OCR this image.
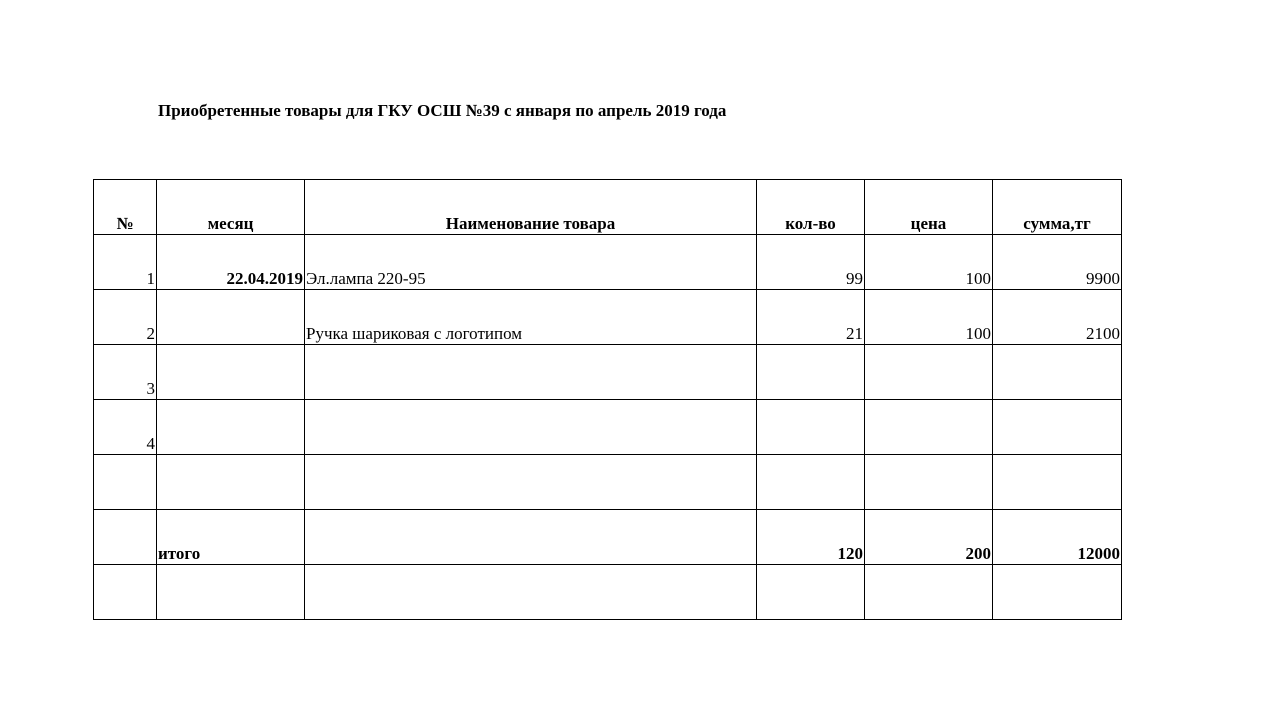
Приобретенные товары для ГКУ ОСШ №39 с января по апрель 2019 года
№	месяц	Наименование товара	кол-во	цена	сумма,тг
1	22.04.2019	Эл.лампа 220-95	99	100	9900
2		Ручка шариковая с логотипом	21	100	2100
3					
4					

	итого		120	200	12000
